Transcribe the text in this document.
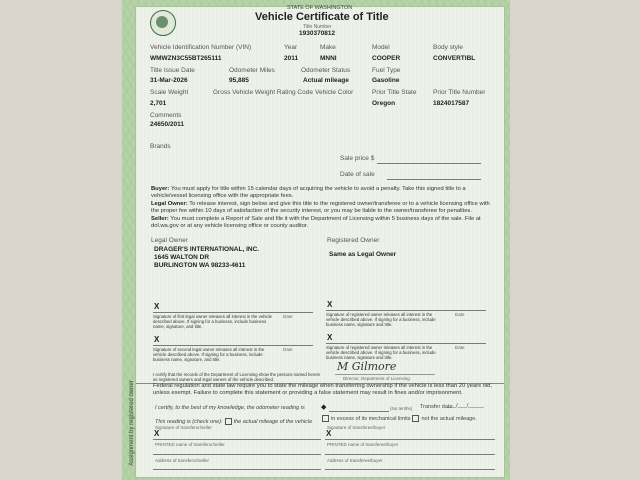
STATE OF WASHINGTON
Vehicle Certificate of Title
Title Number
1930370812
Vehicle Identification Number (VIN)
WMWZN3C55BT265111
Year
2011
Make
MNNI
Model
COOPER
Body style
CONVERTIBL
Title Issue Date
31-Mar-2026
Odometer Miles
95,885
Odometer Status
Actual mileage
Fuel Type
Gasoline
Scale Weight
2,701
Gross Vehicle Weight Rating Code Vehicle Color	Prior Title State
Oregon
Prior Title Number
1824017587
Comments
24650/2011
Brands
Sale price $
Date of sale
Buyer: You must apply for title within 15 calendar days of acquiring the vehicle to avoid a penalty. Take this signed title to a vehicle/vessel licensing office with the appropriate fees.
Legal Owner: To release interest, sign below and give this title to the registered owner/transferee or to a vehicle licensing office with the proper fee within 10 days of satisfaction of the security interest, or you may be liable to the owner/transferee for penalties.
Seller: You must complete a Report of Sale and file it with the Department of Licensing within 5 business days of the sale. File at dol.wa.gov or at any vehicle licensing office or county auditor.
Legal Owner
DRAGER'S INTERNATIONAL, INC.
1645 WALTON DR
BURLINGTON WA 98233-4611
Registered Owner
Same as Legal Owner
X
Signature of first legal owner releases all interest in the vehicle described above. If signing for a business, include business name, signature, and title.
Date
X
Signature of registered owner releases all interest in the vehicle described above. If signing for a business, include business name, signature and title.
Date
X
Signature of second legal owner releases all interest in the vehicle described above. If signing for a business, include business name, signature, and title.
Date
X
Signature of registered owner releases all interest in the vehicle described above. If signing for a business, include business name, signature and title.
Date
I certify that the records of the Department of Licensing show the persons named herein as registered owners and legal owners of the vehicle described.
M Gilmore
Director, Department of Licensing
Assignment by registered owner	Federal regulation and state law require you to state the mileage when transferring ownership if the vehicle is less than 20 years old, unless exempt. Failure to complete this statement or providing a false statement may result in fines and/or imprisonment.
I certify, to the best of my knowledge, the odometer reading is ◆	(No tenths) Transfer date
___/___/_____
This reading is (check one): the actual mileage of the vehicle	in excess of its mechanical limits not the actual mileage.
Signature of transferor/seller
X
Signature of transferee/buyer
X
PRINTED name of transferor/seller	PRINTED name of transferee/buyer
Address of transferor/seller	Address of transferee/buyer
